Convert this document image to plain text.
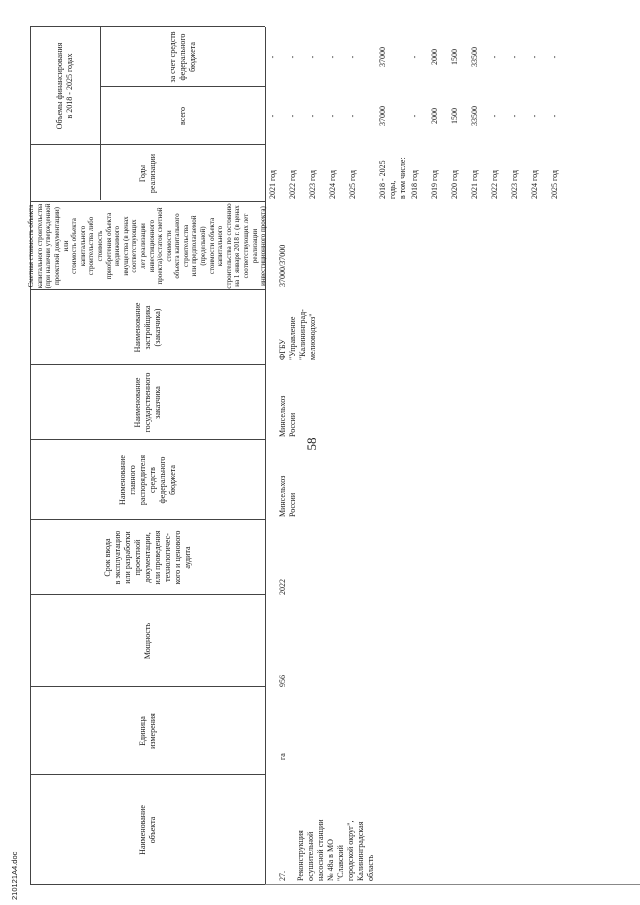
58
210121А4.doc
Наименование
объекта
Единица
измерения
Мощность
Срок ввода
в эксплуатацию
или разработки
проектной
документации,
или проведения
технологичес-
кого и ценового
аудита
Наименование
главного
распорядителя
средств
федерального
бюджета
Наименование
государственного
заказчика
Наименование
застройщика
(заказчика)
Сметная стоимость объекта
капитального строительства
(при наличии утвержденной
проектной документации) или
стоимость объекта капитального
строительства либо стоимость
приобретения объекта недвижимого
имущества (в ценах соответствующих
лет реализации инвестиционного
проекта)/остаток сметной стоимости
объекта капитального строительства
или предполагаемой (предельной)
стоимости объекта капитального
строительства по состоянию
на 1 января 2018 г. (в ценах
соответствующих лет реализации
инвестиционного проекта)
Годы
реализации
Объемы финансирования
в 2018 - 2025 годах
всего
за счет средств
федерального
бюджета
2021 год
-
-
2022 год
-
-
2023 год
-
-
2024 год
-
-
2025 год
-
-
27. Реконструкция
осушительной
насосной станции
№ 48а в МО
"Славский
городской округ",
Калининградская
область
га
956
2022
Минсельхоз
России
Минсельхоз
России
ФГБУ
"Управление
"Калининград-
мелиоводхоз"
37000/37000
2018 - 2025
годы,
в том числе:
37000
37000
2018 год
-
-
2019 год
2000
2000
2020 год
1500
1500
2021 год
33500
33500
2022 год
-
-
2023 год
-
-
2024 год
-
-
2025 год
-
-
